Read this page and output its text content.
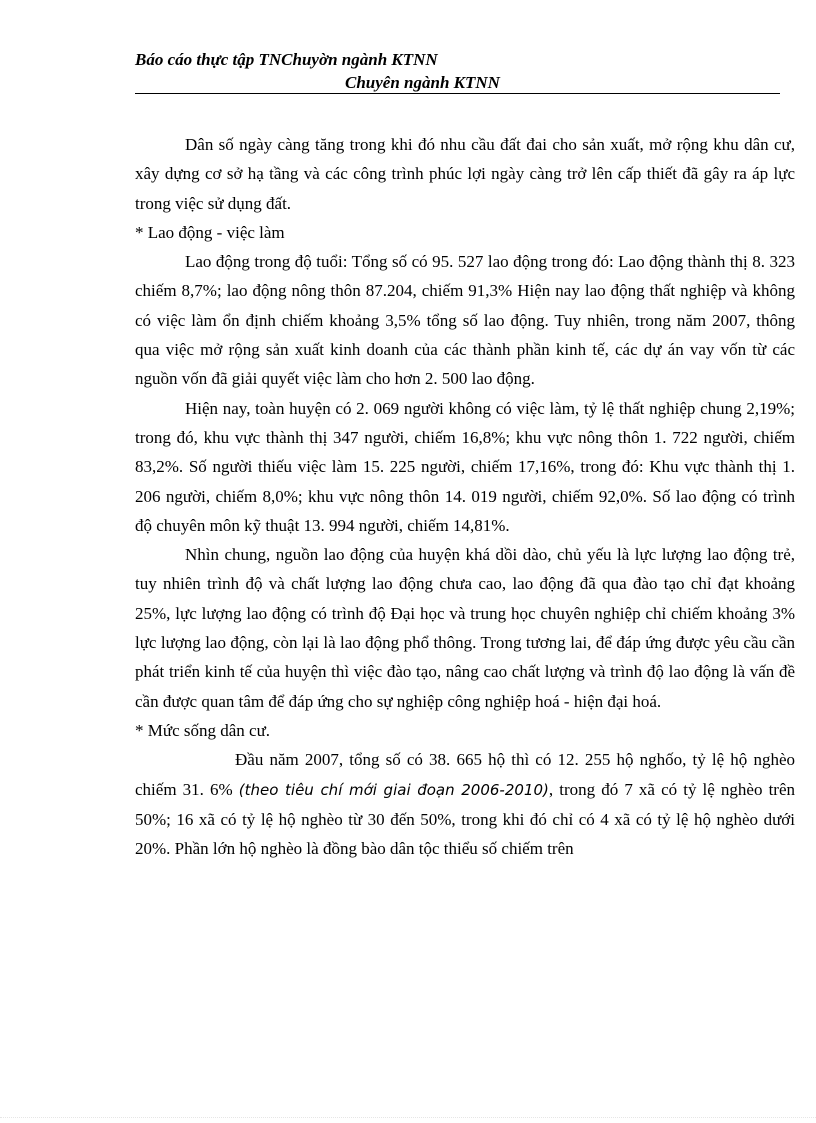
Báo cáo thực tập TNChuyờn ngành KTNN
Chuyên ngành KTNN

Dân số ngày càng tăng trong khi đó nhu cầu đất đai cho sản xuất, mở rộng khu dân cư, xây dựng cơ sở hạ tầng và các công trình phúc lợi ngày càng trở lên cấp thiết đã gây ra áp lực trong việc sử dụng đất.

* Lao động - việc làm

Lao động trong độ tuổi: Tổng số có 95. 527 lao động trong đó: Lao động thành thị 8. 323 chiếm 8,7%; lao động nông thôn 87.204, chiếm 91,3% Hiện nay lao động thất nghiệp và không có việc làm ổn định chiếm khoảng 3,5% tổng số lao động. Tuy nhiên, trong năm 2007, thông qua việc mở rộng sản xuất kinh doanh của các thành phần kinh tế, các dự án vay vốn từ các nguồn vốn đã giải quyết việc làm cho hơn 2. 500 lao động.

Hiện nay, toàn huyện có 2. 069 người không có việc làm, tỷ lệ thất nghiệp chung 2,19%; trong đó, khu vực thành thị 347 người, chiếm 16,8%; khu vực nông thôn 1. 722 người, chiếm 83,2%. Số người thiếu việc làm 15. 225 người, chiếm 17,16%, trong đó: Khu vực thành thị 1. 206 người, chiếm 8,0%; khu vực nông thôn 14. 019 người, chiếm 92,0%. Số lao động có trình độ chuyên môn kỹ thuật 13. 994 người, chiếm 14,81%.

Nhìn chung, nguồn lao động của huyện khá dồi dào, chủ yếu là lực lượng lao động trẻ, tuy nhiên trình độ và chất lượng lao động chưa cao, lao động đã qua đào tạo chỉ đạt khoảng 25%, lực lượng lao động có trình độ Đại học và trung học chuyên nghiệp chỉ chiếm khoảng 3% lực lượng lao động, còn lại là lao động phổ thông. Trong tương lai, để đáp ứng được yêu cầu cần phát triển kinh tế của huyện thì việc đào tạo, nâng cao chất lượng và trình độ lao động là vấn đề cần được quan tâm để đáp ứng cho sự nghiệp công nghiệp hoá - hiện đại hoá.

* Mức sống dân cư.

Đầu năm 2007, tổng số có 38. 665 hộ thì có 12. 255 hộ nghốo, tỷ lệ hộ nghèo chiếm 31. 6% (theo tiêu chí mới giai đoạn 2006-2010), trong đó 7 xã có tỷ lệ nghèo trên 50%; 16 xã có tỷ lệ hộ nghèo từ 30 đến 50%, trong khi đó chỉ có 4 xã có tỷ lệ hộ nghèo dưới 20%. Phần lớn hộ nghèo là đồng bào dân tộc thiểu số chiếm trên
